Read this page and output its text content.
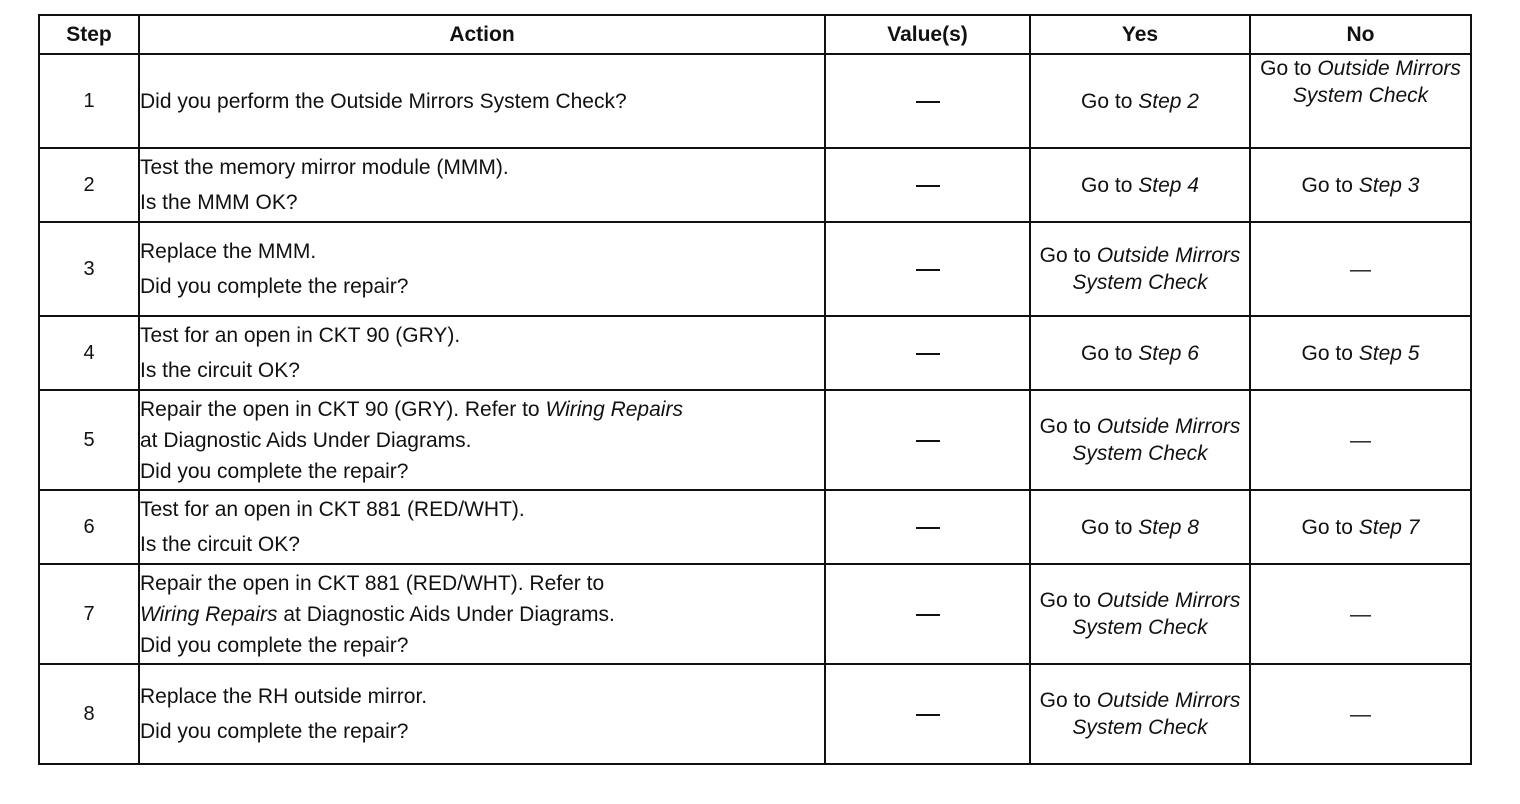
Step	Action	Value(s)	Yes	No
1	Did you perform the Outside Mirrors System Check?		Go to Step 2	Go to Outside Mirrors System Check
2	Test the memory mirror module (MMM).
Is the MMM OK?		Go to Step 4	Go to Step 3
3	Replace the MMM.
Did you complete the repair?		Go to Outside Mirrors System Check	—
4	Test for an open in CKT 90 (GRY).
Is the circuit OK?		Go to Step 6	Go to Step 5
5	Repair the open in CKT 90 (GRY). Refer to Wiring Repairs
at Diagnostic Aids Under Diagrams.
Did you complete the repair?		Go to Outside Mirrors System Check	—
6	Test for an open in CKT 881 (RED/WHT).
Is the circuit OK?		Go to Step 8	Go to Step 7
7	Repair the open in CKT 881 (RED/WHT). Refer to
Wiring Repairs at Diagnostic Aids Under Diagrams.
Did you complete the repair?		Go to Outside Mirrors System Check	—
8	Replace the RH outside mirror.
Did you complete the repair?		Go to Outside Mirrors System Check	—
